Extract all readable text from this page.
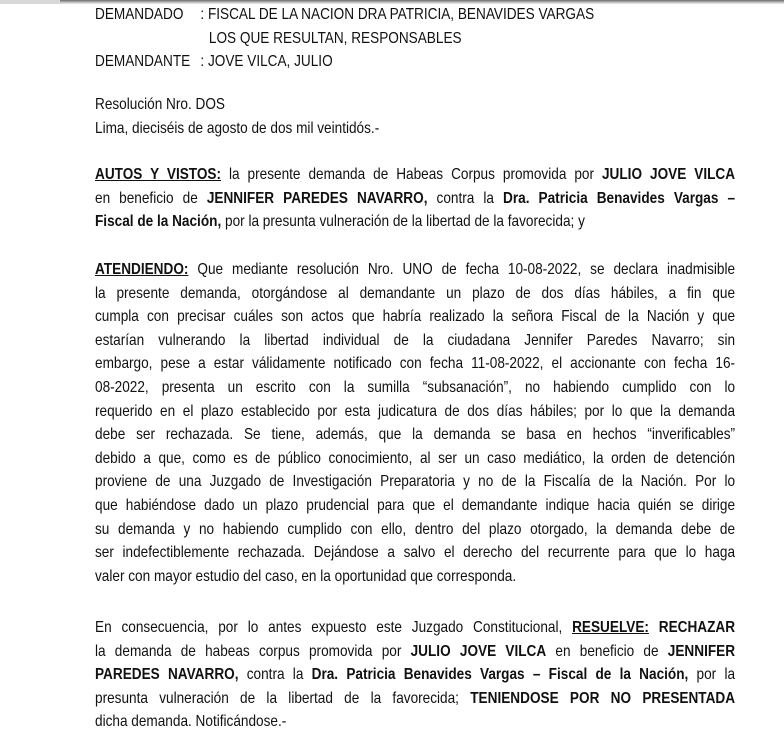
DEMANDADO : FISCAL DE LA NACION DRA PATRICIA, BENAVIDES VARGAS
LOS QUE RESULTAN, RESPONSABLES
DEMANDANTE : JOVE VILCA, JULIO
Resolución Nro. DOS
Lima, dieciséis de agosto de dos mil veintidós.-
AUTOS Y VISTOS: la presente demanda de Habeas Corpus promovida por JULIO JOVE VILCA
en beneficio de JENNIFER PAREDES NAVARRO, contra la Dra. Patricia Benavides Vargas –
Fiscal de la Nación, por la presunta vulneración de la libertad de la favorecida; y
ATENDIENDO: Que mediante resolución Nro. UNO de fecha 10-08-2022, se declara inadmisible
la presente demanda, otorgándose al demandante un plazo de dos días hábiles, a fin que
cumpla con precisar cuáles son actos que habría realizado la señora Fiscal de la Nación y que
estarían vulnerando la libertad individual de la ciudadana Jennifer Paredes Navarro; sin
embargo, pese a estar válidamente notificado con fecha 11-08-2022, el accionante con fecha 16-
08-2022, presenta un escrito con la sumilla “subsanación”, no habiendo cumplido con lo
requerido en el plazo establecido por esta judicatura de dos días hábiles; por lo que la demanda
debe ser rechazada. Se tiene, además, que la demanda se basa en hechos “inverificables”
debido a que, como es de público conocimiento, al ser un caso mediático, la orden de detención
proviene de una Juzgado de Investigación Preparatoria y no de la Fiscalía de la Nación. Por lo
que habiéndose dado un plazo prudencial para que el demandante indique hacia quién se dirige
su demanda y no habiendo cumplido con ello, dentro del plazo otorgado, la demanda debe de
ser indefectiblemente rechazada. Dejándose a salvo el derecho del recurrente para que lo haga
valer con mayor estudio del caso, en la oportunidad que corresponda.
En consecuencia, por lo antes expuesto este Juzgado Constitucional, RESUELVE: RECHAZAR
la demanda de habeas corpus promovida por JULIO JOVE VILCA en beneficio de JENNIFER
PAREDES NAVARRO, contra la Dra. Patricia Benavides Vargas – Fiscal de la Nación, por la
presunta vulneración de la libertad de la favorecida; TENIENDOSE POR NO PRESENTADA
dicha demanda. Notificándose.-
